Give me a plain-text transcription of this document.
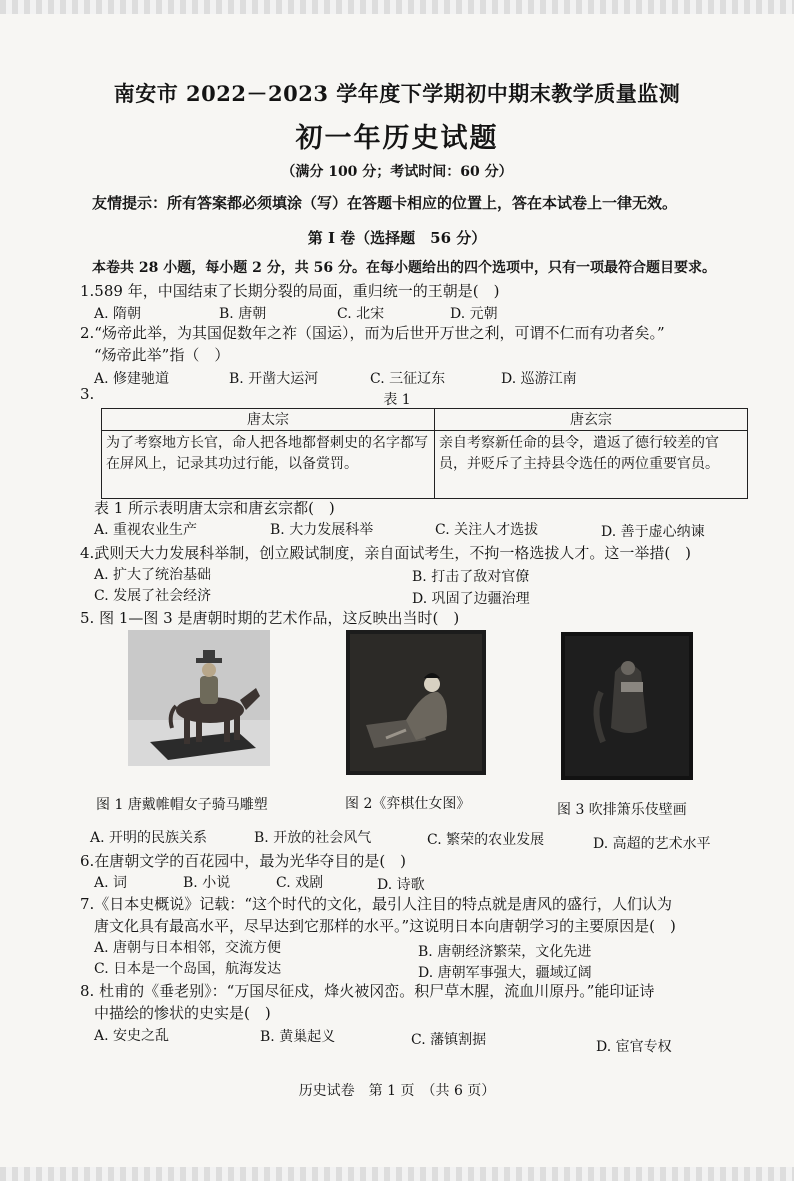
南安市 2022－2023 学年度下学期初中期末教学质量监测
初一年历史试题
（满分 100 分；考试时间：60 分）
友情提示：所有答案都必须填涂（写）在答题卡相应的位置上，答在本试卷上一律无效。
第 I 卷（选择题　56 分）
本卷共 28 小题，每小题 2 分，共 56 分。在每小题给出的四个选项中，只有一项最符合题目要求。
1.589 年，中国结束了长期分裂的局面，重归统一的王朝是(　)
A. 隋朝	B. 唐朝	C. 北宋	D. 元朝
2.“炀帝此举，为其国促数年之祚（国运），而为后世开万世之利，可谓不仁而有功者矣。”
“炀帝此举”指（　）
A. 修建驰道	B. 开凿大运河	C. 三征辽东	D. 巡游江南
3.	表 1
唐太宗	唐玄宗
为了考察地方长官，命人把各地都督刺史的名字都写在屏风上，记录其功过行能，以备赏罚。	亲自考察新任命的县令，遣返了德行较差的官员，并贬斥了主持县令选任的两位重要官员。
表 1 所示表明唐太宗和唐玄宗都(　)
A. 重视农业生产	B. 大力发展科举	C. 关注人才选拔	D. 善于虚心纳谏
4.武则天大力发展科举制，创立殿试制度，亲自面试考生，不拘一格选拔人才。这一举措(　)
A. 扩大了统治基础	B. 打击了敌对官僚
C. 发展了社会经济	D. 巩固了边疆治理
5. 图 1—图 3 是唐朝时期的艺术作品，这反映出当时(　)
图 1 唐戴帷帽女子骑马雕塑	图 2《弈棋仕女图》	图 3 吹排箫乐伎壁画
A. 开明的民族关系	B. 开放的社会风气	C. 繁荣的农业发展	D. 高超的艺术水平
6.在唐朝文学的百花园中，最为光华夺目的是(　)
A. 词	B. 小说	C. 戏剧	D. 诗歌
7.《日本史概说》记载：“这个时代的文化，最引人注目的特点就是唐风的盛行，人们认为
唐文化具有最高水平，尽早达到它那样的水平。”这说明日本向唐朝学习的主要原因是(　)
A. 唐朝与日本相邻，交流方便	B. 唐朝经济繁荣，文化先进
C. 日本是一个岛国，航海发达	D. 唐朝军事强大，疆域辽阔
8. 杜甫的《垂老别》：“万国尽征戍，烽火被冈峦。积尸草木腥，流血川原丹。”能印证诗
中描绘的惨状的史实是(　)
A. 安史之乱	B. 黄巢起义	C. 藩镇割据	D. 宦官专权
历史试卷　第 1 页　（共 6 页）
